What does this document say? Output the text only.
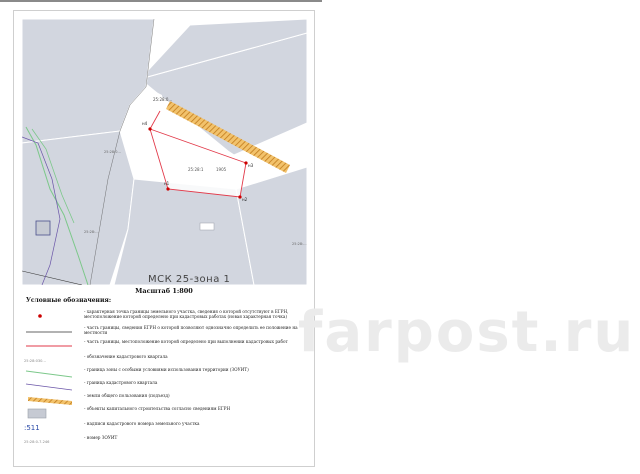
25:28:0...
25:28:1	1905
25:28:0...
25:28:...
н1
н2
н3
н4
25:28:...
МСК 25-зона 1
Масштаб 1:800
Условные обозначения:
- характерная точка границы земельного участка, сведения о которой отсутствуют в ЕГРН, местоположение которой определено при кадастровых работах (новая характерная точка)
- часть границы, сведения ЕГРН о которой позволяют однозначно определить ее положение на местности
- часть границы, местоположение которой определено при выполнении кадастровых работ
25:28:030...
- обозначение кадастрового квартала
- граница зоны с особыми условиями использования территории (ЗОУИТ)
- граница кадастрового квартала
- земли общего пользования (подъезд)
- объекты капитального строительства согласно сведениям ЕГРН
:511
- надписи кадастрового номера земельного участка
25:28:0-7.246
- номер ЗОУИТ
farpost.ru
